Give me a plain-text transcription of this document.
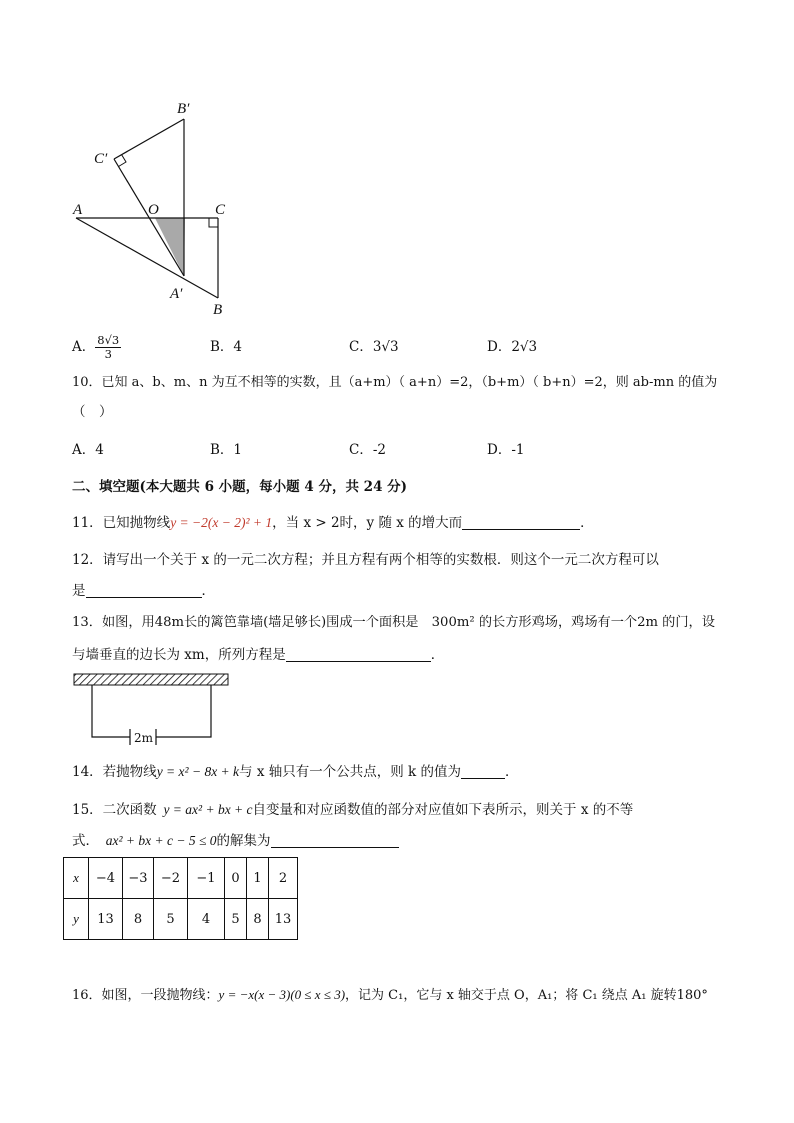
B′
C′
A	O	C
A′
B
A． $\frac{8√3}{3}$	B．4	C．3√3	D．2√3
10．已知 a、b、m、n 为互不相等的实数，且（a+m）（ a+n）=2，（b+m）（ b+n）=2，则 ab-mn 的值为
（　）
A．4	B．1	C．-2	D．-1
二、填空题(本大题共 6 小题，每小题 4 分，共 24 分)
11．已知抛物线y = −2(x − 2)² + 1，当 x > 2时，y 随 x 的增大而	．
12．请写出一个关于 x 的一元二次方程；并且方程有两个相等的实数根．则这个一元二次方程可以
是	．
13．如图，用48m长的篱笆靠墙(墙足够长)围成一个面积是　300m² 的长方形鸡场，鸡场有一个2m 的门，设
与墙垂直的边长为 xm，所列方程是	．
2m
14．若抛物线y = x² − 8x + k与 x 轴只有一个公共点，则 k 的值为	．
15．二次函数  y = ax² + bx + c自变量和对应函数值的部分对应值如下表所示，则关于 x 的不等
式．  ax² + bx + c − 5 ≤ 0的解集为
x	−4	−3	−2	−1	0	1	2
y	13	8	5	4	5	8	13
16．如图，一段抛物线：y = −x(x − 3)(0 ≤ x ≤ 3)，记为 C₁，它与 x 轴交于点 O，A₁；将 C₁ 绕点 A₁ 旋转180°
